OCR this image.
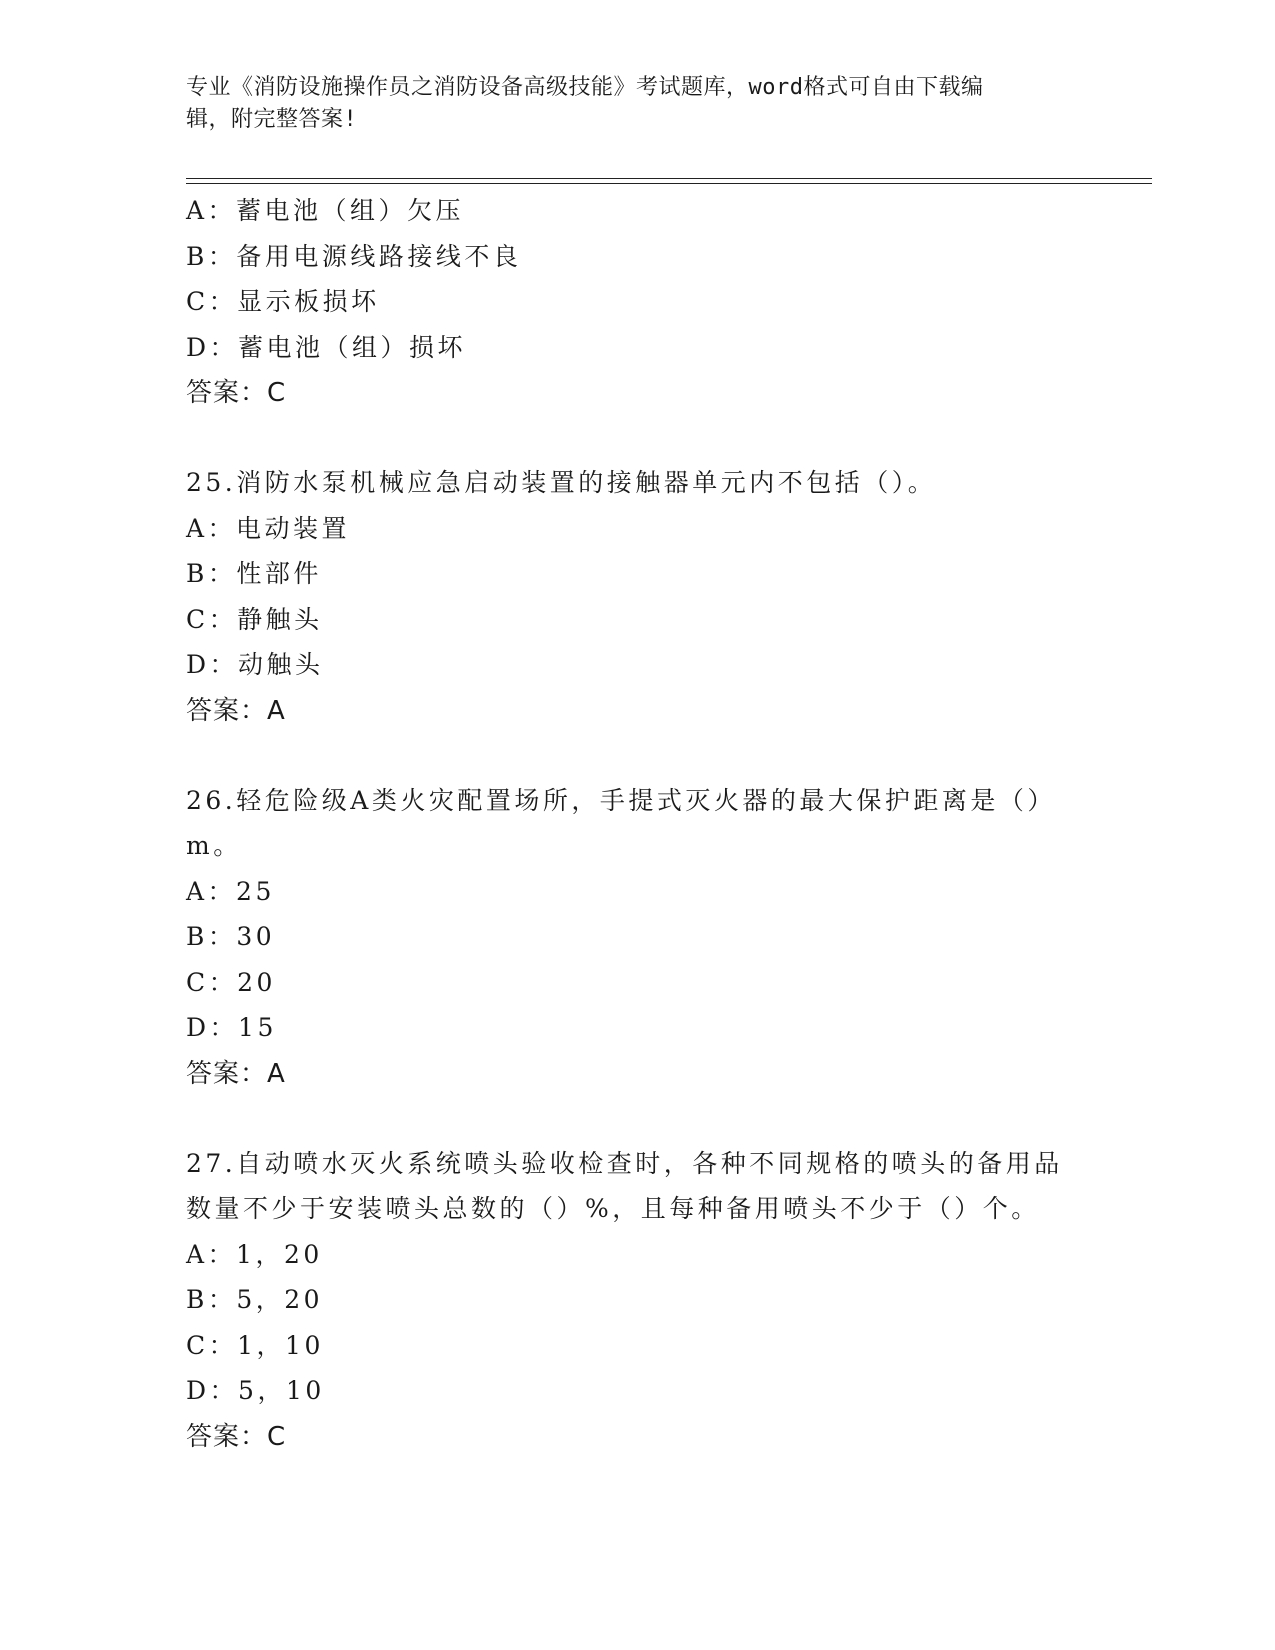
专业《消防设施操作员之消防设备高级技能》考试题库，word格式可自由下载编
辑，附完整答案!
A：蓄电池（组）欠压
B：备用电源线路接线不良
C：显示板损坏
D：蓄电池（组）损坏
答案：C
25.消防水泵机械应急启动装置的接触器单元内不包括（）。
A：电动装置
B：性部件
C：静触头
D：动触头
答案：A
26.轻危险级A类火灾配置场所，手提式灭火器的最大保护距离是（）
m。
A：25
B：30
C：20
D：15
答案：A
27.自动喷水灭火系统喷头验收检查时，各种不同规格的喷头的备用品
数量不少于安装喷头总数的（）%，且每种备用喷头不少于（）个。
A：1，20
B：5，20
C：1，10
D：5，10
答案：C
